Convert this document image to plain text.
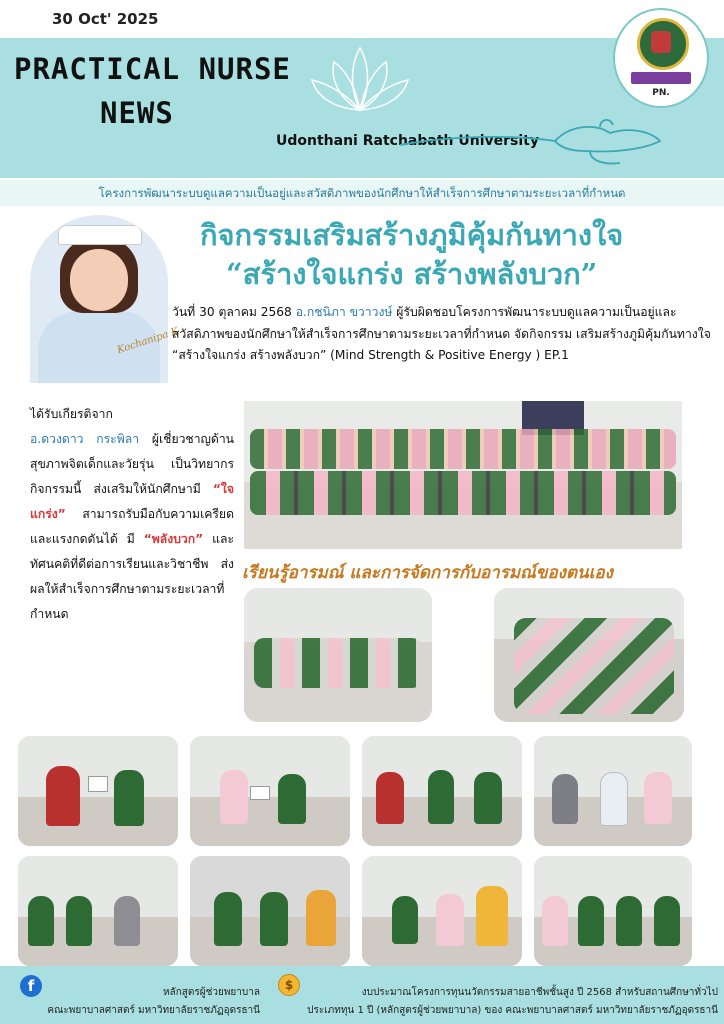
30 Oct' 2025
PRACTICAL NURSE
NEWS
Udonthani Ratchabath University
PN.
โครงการพัฒนาระบบดูแลความเป็นอยู่และสวัสดิภาพของนักศึกษาให้สำเร็จการศึกษาตามระยะเวลาที่กำหนด
กิจกรรมเสริมสร้างภูมิคุ้มกันทางใจ
“สร้างใจแกร่ง สร้างพลังบวก”
Kochanipa K.
วันที่ 30 ตุลาคม 2568 อ.กชนิภา ขวาวงษ์ ผู้รับผิดชอบโครงการพัฒนาระบบดูแลความเป็นอยู่และสวัสดิภาพของนักศึกษาให้สำเร็จการศึกษาตามระยะเวลาที่กำหนด จัดกิจกรรม เสริมสร้างภูมิคุ้มกันทางใจ “สร้างใจแกร่ง สร้างพลังบวก” (Mind Strength & Positive Energy ) EP.1
ได้รับเกียรติจาก
อ.ดวงดาว กระพิลา ผู้เชี่ยวชาญด้านสุขภาพจิตเด็กและวัยรุ่น เป็นวิทยากร กิจกรรมนี้ ส่งเสริมให้นักศึกษามี “ใจแกร่ง” สามารถรับมือกับความเครียดและแรงกดดันได้ มี “พลังบวก” และทัศนคติที่ดีต่อการเรียนและวิชาชีพ ส่งผลให้สำเร็จการศึกษาตามระยะเวลาที่กำหนด
เรียนรู้อารมณ์ และการจัดการกับอารมณ์ของตนเอง
f	หลักสูตรผู้ช่วยพยาบาล
คณะพยาบาลศาสตร์ มหาวิทยาลัยราชภัฏอุดรธานี
$
งบประมาณโครงการทุนนวัตกรรมสายอาชีพชั้นสูง ปี 2568 สำหรับสถานศึกษาทั่วไป
ประเภททุน 1 ปี (หลักสูตรผู้ช่วยพยาบาล) ของ คณะพยาบาลศาสตร์ มหาวิทยาลัยราชภัฏอุดรธานี
